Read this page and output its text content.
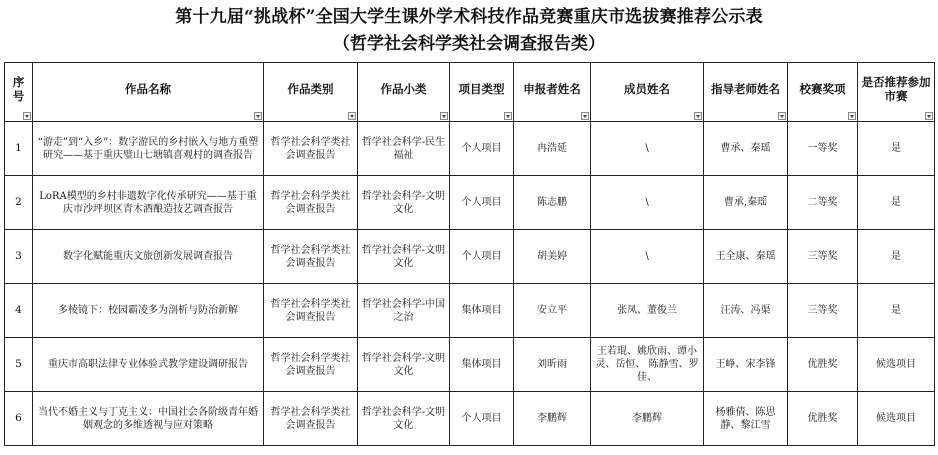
第十九届“挑战杯”全国大学生课外学术科技作品竞赛重庆市选拔赛推荐公示表
（哲学社会科学类社会调查报告类）
序号	作品名称	作品类别	作品小类	项目类型	申报者姓名	成员姓名	指导老师姓名	校赛奖项	是否推荐参加市赛

1	“游走”到“入乡”：数字游民的乡村嵌入与地方重塑研究——基于重庆璧山七塘镇喜观村的调查报告	哲学社会科学类社会调查报告	哲学社会科学-民生福祉	个人项目	冉浩延	\	曹承、秦瑶	一等奖	是
2	LoRA模型的乡村非遗数字化传承研究——基于重庆市沙坪坝区青木酒酿造技艺调查报告	哲学社会科学类社会调查报告	哲学社会科学-文明文化	个人项目	陈志鹏	\	曹承,秦瑶	二等奖	是
3	数字化赋能重庆文旅创新发展调查报告	哲学社会科学类社会调查报告	哲学社会科学-文明文化	个人项目	胡美婷	\	王全康、秦瑶	三等奖	是
4	多棱镜下：校园霸凌多为剖析与防治新解	哲学社会科学类社会调查报告	哲学社会科学-中国之治	集体项目	安立平	张凤、董俊兰	汪涛、冯渠	三等奖	是
5	重庆市高职法律专业体验式教学建设调研报告	哲学社会科学类社会调查报告	哲学社会科学-文明文化	集体项目	刘昕雨	王若琨、姚欣雨、谭小灵、岳恒、 陈静雪、罗佳、	王峥、宋李锋	优胜奖	候选项目
6	当代不婚主义与丁克主义：中国社会各阶级青年婚姻观念的多维透视与应对策略	哲学社会科学类社会调查报告	哲学社会科学-文明文化	个人项目	李鹏辉	李鹏辉	杨雅倩、陈思静、黎江雪	优胜奖	候选项目
